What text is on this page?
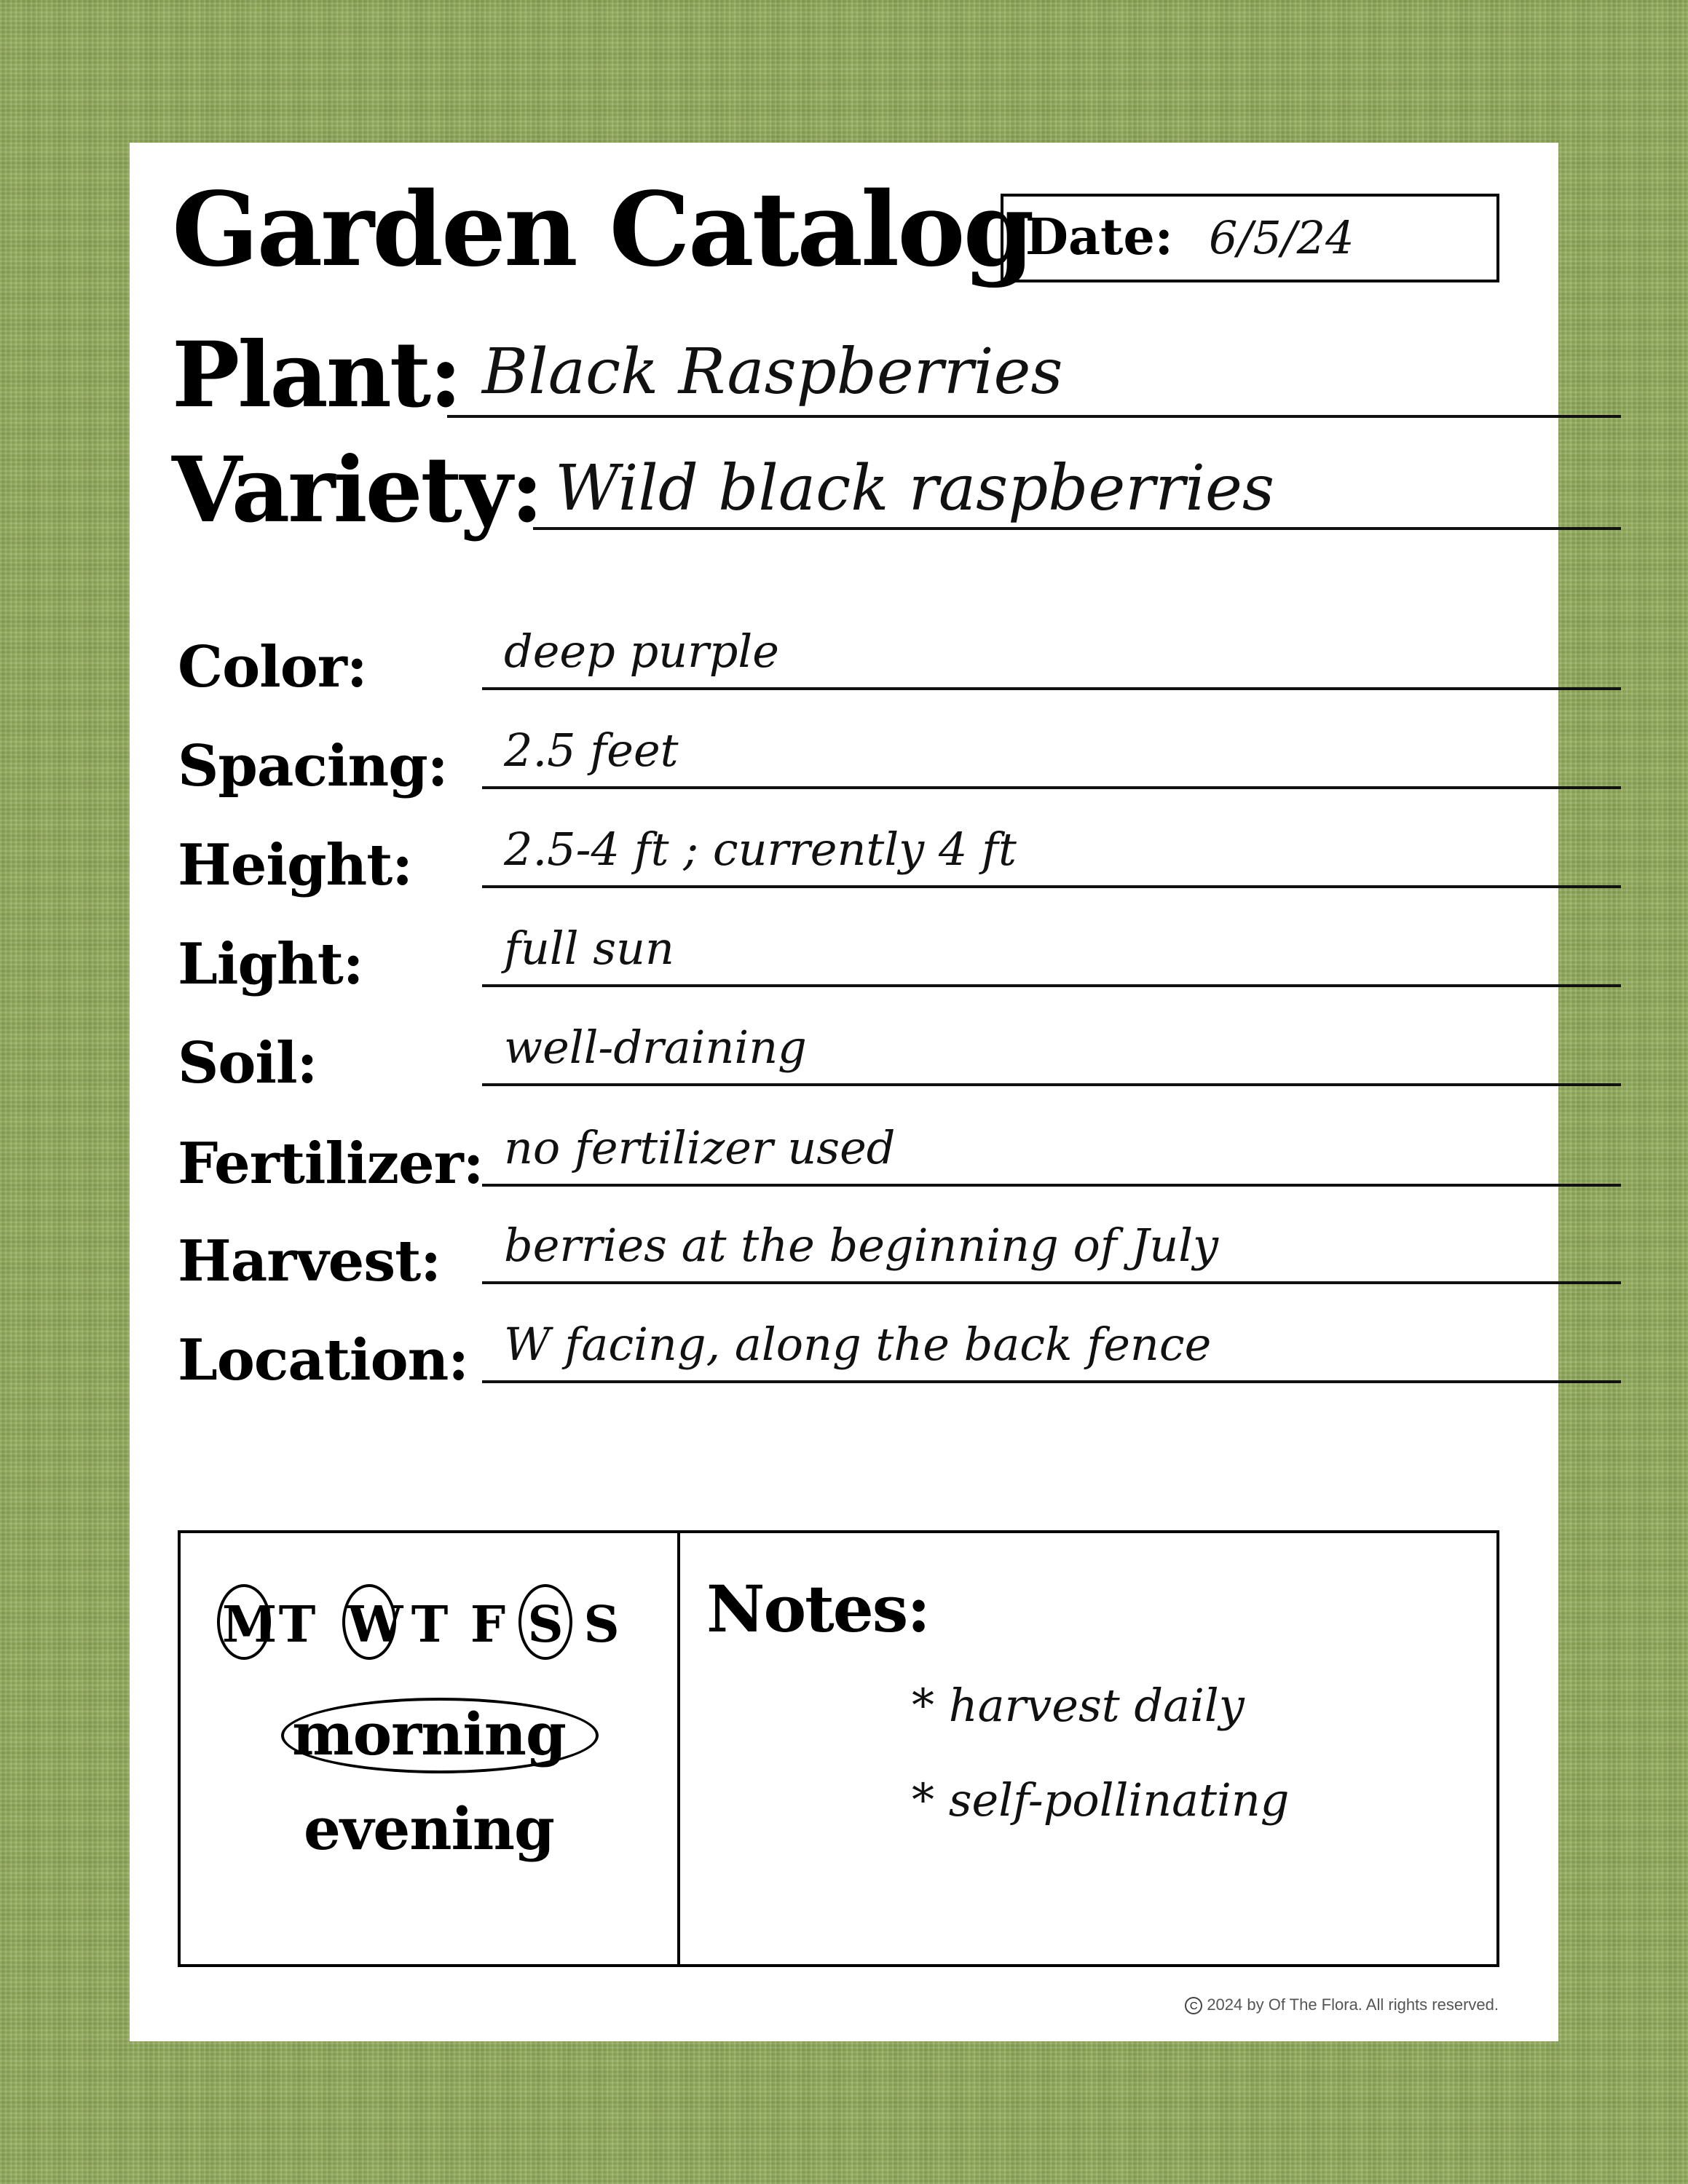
Garden Catalog
Date: 6/5/24
Plant: Black Raspberries
Variety: Wild black raspberries
Color:	deep purple
Spacing: 2.5 feet
Height: 2.5-4 ft ; currently 4 ft
Light:	full sun
Soil:	well-draining
Fertilizer: no fertilizer used
Harvest: berries at the beginning of July
Location: W facing, along the back fence
M T W T F S S
morning
evening
Notes:
* harvest daily
* self-pollinating
C 2024 by Of The Flora. All rights reserved.
